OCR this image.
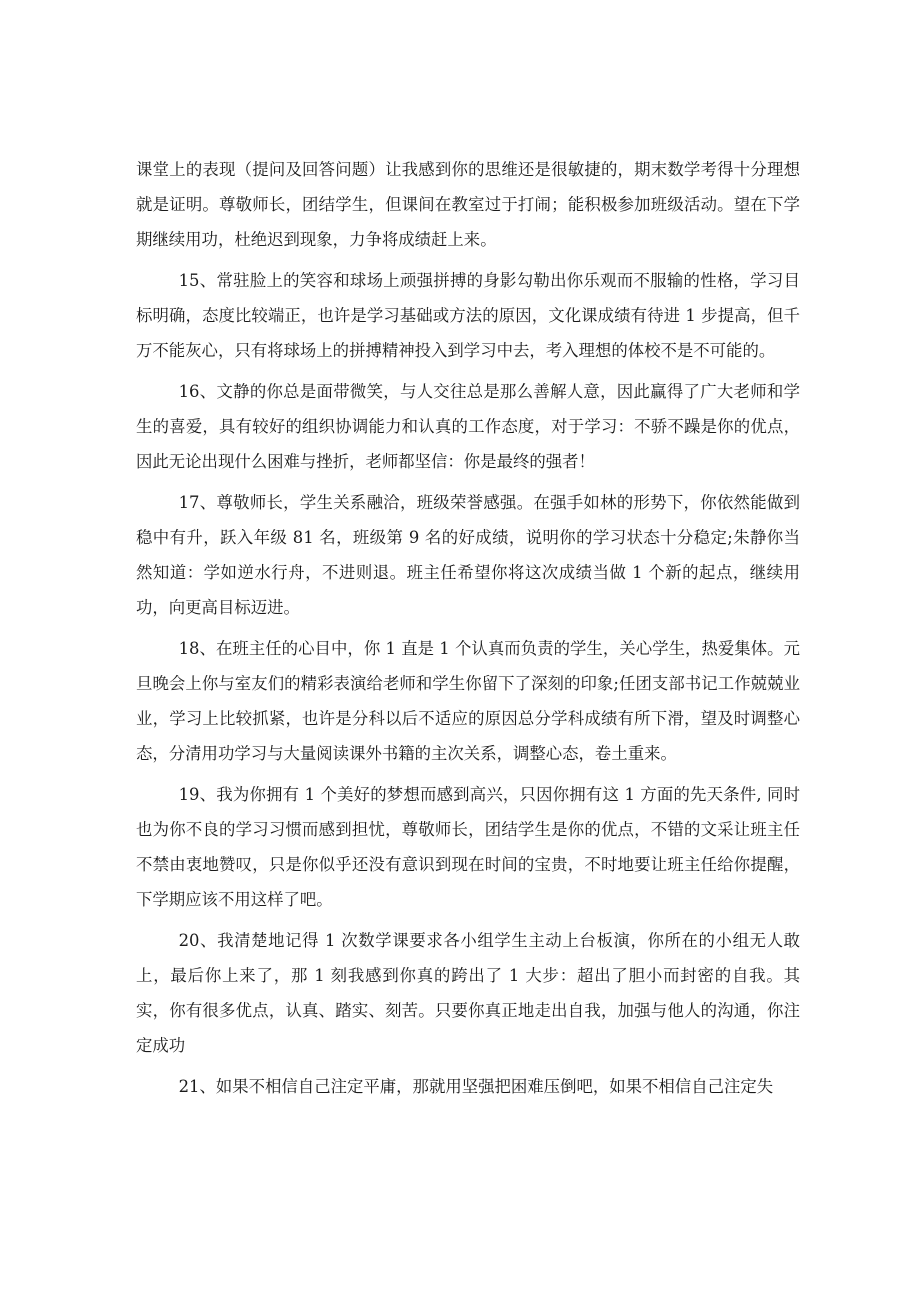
课堂上的表现（提问及回答问题）让我感到你的思维还是很敏捷的，期末数学考得十分理想就是证明。尊敬师长，团结学生，但课间在教室过于打闹；能积极参加班级活动。望在下学期继续用功，杜绝迟到现象，力争将成绩赶上来。

15、常驻脸上的笑容和球场上顽强拼搏的身影勾勒出你乐观而不服输的性格，学习目标明确，态度比较端正，也许是学习基础或方法的原因，文化课成绩有待进 1 步提高，但千万不能灰心，只有将球场上的拼搏精神投入到学习中去，考入理想的体校不是不可能的。

16、文静的你总是面带微笑，与人交往总是那么善解人意，因此赢得了广大老师和学生的喜爱，具有较好的组织协调能力和认真的工作态度，对于学习：不骄不躁是你的优点，因此无论出现什么困难与挫折，老师都坚信：你是最终的强者！

17、尊敬师长，学生关系融洽，班级荣誉感强。在强手如林的形势下，你依然能做到稳中有升，跃入年级 81 名，班级第 9 名的好成绩，说明你的学习状态十分稳定;朱静你当然知道：学如逆水行舟，不进则退。班主任希望你将这次成绩当做 1 个新的起点，继续用功，向更高目标迈进。

18、在班主任的心目中，你 1 直是 1 个认真而负责的学生，关心学生，热爱集体。元旦晚会上你与室友们的精彩表演给老师和学生你留下了深刻的印象;任团支部书记工作兢兢业业，学习上比较抓紧，也许是分科以后不适应的原因总分学科成绩有所下滑，望及时调整心态，分清用功学习与大量阅读课外书籍的主次关系，调整心态，卷土重来。

19、我为你拥有 1 个美好的梦想而感到高兴，只因你拥有这 1 方面的先天条件, 同时也为你不良的学习习惯而感到担忧，尊敬师长，团结学生是你的优点，不错的文采让班主任不禁由衷地赞叹，只是你似乎还没有意识到现在时间的宝贵，不时地要让班主任给你提醒，下学期应该不用这样了吧。

20、我清楚地记得 1 次数学课要求各小组学生主动上台板演，你所在的小组无人敢上，最后你上来了，那 1 刻我感到你真的跨出了 1 大步：超出了胆小而封密的自我。其实，你有很多优点，认真、踏实、刻苦。只要你真正地走出自我，加强与他人的沟通，你注定成功

21、如果不相信自己注定平庸，那就用坚强把困难压倒吧，如果不相信自己注定失
